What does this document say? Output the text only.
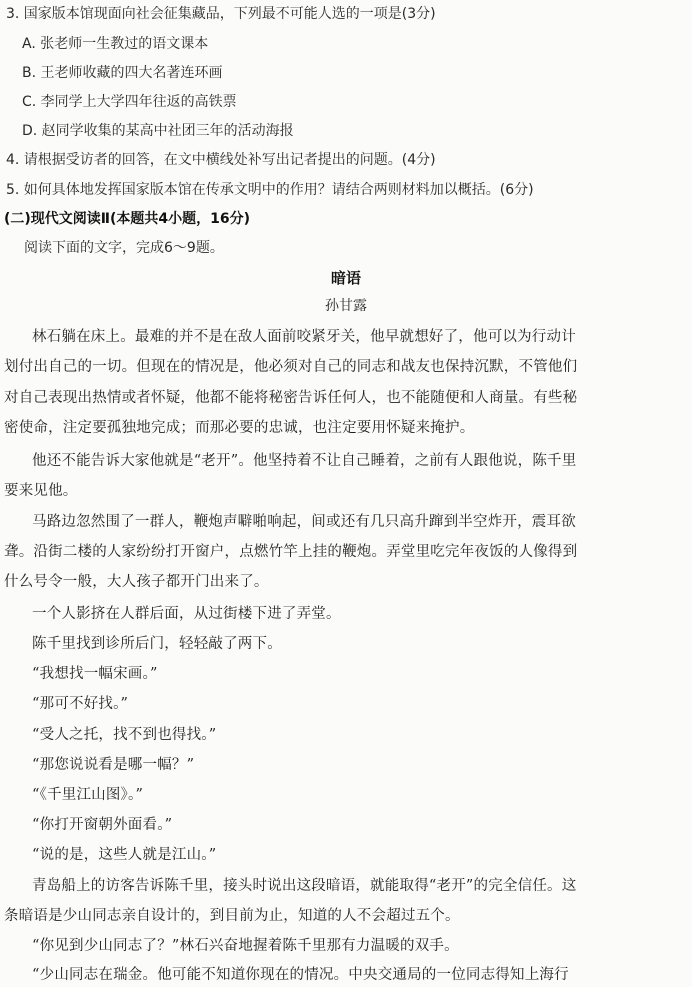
3. 国家版本馆现面向社会征集藏品，下列最不可能人选的一项是(3分)
A. 张老师一生教过的语文课本
B. 王老师收藏的四大名著连环画
C. 李同学上大学四年往返的高铁票
D. 赵同学收集的某高中社团三年的活动海报
4. 请根据受访者的回答，在文中横线处补写出记者提出的问题。(4分)
5. 如何具体地发挥国家版本馆在传承文明中的作用？请结合两则材料加以概括。(6分)
(二)现代文阅读Ⅱ(本题共4小题，16分)
阅读下面的文字，完成6～9题。
暗语
孙甘露
林石躺在床上。最难的并不是在敌人面前咬紧牙关，他早就想好了，他可以为行动计
划付出自己的一切。但现在的情况是，他必须对自己的同志和战友也保持沉默，不管他们
对自己表现出热情或者怀疑，他都不能将秘密告诉任何人，也不能随便和人商量。有些秘
密使命，注定要孤独地完成；而那必要的忠诚，也注定要用怀疑来掩护。
他还不能告诉大家他就是“老开”。他坚持着不让自己睡着，之前有人跟他说，陈千里
要来见他。
马路边忽然围了一群人，鞭炮声噼啪响起，间或还有几只高升蹿到半空炸开，震耳欲
聋。沿街二楼的人家纷纷打开窗户，点燃竹竿上挂的鞭炮。弄堂里吃完年夜饭的人像得到
什么号令一般，大人孩子都开门出来了。
一个人影挤在人群后面，从过街楼下进了弄堂。
陈千里找到诊所后门，轻轻敲了两下。
“我想找一幅宋画。”
“那可不好找。”
“受人之托，找不到也得找。”
“那您说说看是哪一幅？”
“《千里江山图》。”
“你打开窗朝外面看。”
“说的是，这些人就是江山。”
青岛船上的访客告诉陈千里，接头时说出这段暗语，就能取得“老开”的完全信任。这
条暗语是少山同志亲自设计的，到目前为止，知道的人不会超过五个。
“你见到少山同志了？”林石兴奋地握着陈千里那有力温暖的双手。
“少山同志在瑞金。他可能不知道你现在的情况。中央交通局的一位同志得知上海行
